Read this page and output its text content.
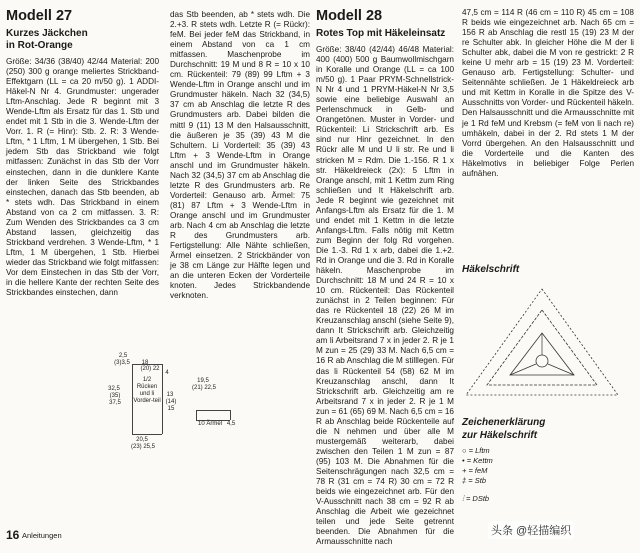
Modell 27
Kurzes Jäckchen
in Rot-Orange

Größe: 34/36 (38/40) 42/44 Material: 200 (250) 300 g orange meliertes Strickband-Effektgarn (LL = ca 20 m/50 g). 1 ADDI-Häkel-N Nr 4. Grundmuster: ungerader Lftm-Anschlag. Jede R beginnt mit 3 Wende-Lftm als Ersatz für das 1. Stb und endet mit 1 Stb in die 3. Wende-Lftm der Vorr. 1. R (= Hinr): Stb. 2. R: 3 Wende-Lftm, * 1 Lftm, 1 M übergehen, 1 Stb. Bei jedem Stb das Strickband wie folgt mitfassen: Zunächst in das Stb der Vorr einstechen, dann in die dunklere Kante der linken Seite des Strickbandes einstechen, danach das Stb beenden, ab * stets wdh. Das Strickband in einem Abstand von ca 2 cm mitfassen. 3. R: Zum Wenden des Strickbandes ca 3 cm Abstand lassen, gleichzeitig das Strickband verdrehen. 3 Wende-Lftm, * 1 Lftm, 1 M übergehen, 1 Stb. Hierbei wieder das Strickband wie folgt mitfassen: Vor dem Einstechen in das Stb der Vorr, in die hellere Kante der rechten Seite des Strickbandes einstechen, dann

das Stb beenden, ab * stets wdh. Die 2.+3. R stets wdh. Letzte R (= Rückr): feM. Bei jeder feM das Strickband, in einem Abstand von ca 1 cm mitfassen. Maschenprobe im Durchschnitt: 19 M und 8 R = 10 x 10 cm. Rückenteil: 79 (89) 99 Lftm + 3 Wende-Lftm in Orange anschl und im Grundmuster häkeln. Nach 32 (34,5) 37 cm ab Anschlag die letzte R des Grundmusters arb. Dabei bilden die mittl 9 (11) 13 M den Halsausschnitt, die äußeren je 35 (39) 43 M die Schultern. Li Vorderteil: 35 (39) 43 Lftm + 3 Wende-Lftm in Orange anschl und im Grundmuster häkeln. Nach 32 (34,5) 37 cm ab Anschlag die letzte R des Grundmusters arb. Re Vorderteil: Genauso arb. Ärmel: 75 (81) 87 Lftm + 3 Wende-Lftm in Orange anschl und im Grundmuster arb. Nach 4 cm ab Anschlag die letzte R des Grundmusters arb. Fertigstellung: Alle Nähte schließen, Ärmel einsetzen. 2 Strickbänder von je 38 cm Länge zur Hälfte legen und an die unteren Ecken der Vorderteile knoten. Jedes Strickbandende verknoten.

Modell 28
Rotes Top mit Häkeleinsatz

Größe: 38/40 (42/44) 46/48 Material: 400 (400) 500 g Baumwollmischgarn in Koralle und Orange (LL = ca 100 m/50 g). 1 Paar PRYM-Schnellstrick-N Nr 4 und 1 PRYM-Häkel-N Nr 3,5 sowie eine beliebige Auswahl an Perlenschmuck in Gelb- und Orangetönen. Muster in Vorder- und Rückenteil: Li Strickschrift arb. Es sind nur Hinr gezeichnet. In den Rückr alle M und U li str. Re und li stricken M = Rdm. Die 1.-156. R 1 x str. Häkeldreieck (2x): 5 Lftm in Orange anschl, mit 1 Kettm zum Ring schließen und It Häkelschrift arb. Jede R beginnt wie gezeichnet mit Anfangs-Lftm als Ersatz für die 1. M und endet mit 1 Kettm in die letzte Anfangs-Lftm. Falls nötig mit Kettm zum Beginn der folg Rd vorgehen. Die 1.-3. Rd 1 x arb, dabei die 1.+2. Rd in Orange und die 3. Rd in Koralle häkeln. Maschenprobe im Durchschnitt: 18 M und 24 R = 10 x 10 cm. Rückenteil: Das Rückenteil zunächst in 2 Teilen beginnen: Für das re Rückenteil 18 (22) 26 M im Kreuzanschlag anschl (siehe Seite 9), dann It Strickschrift arb. Gleichzeitig am li Arbeitsrand 7 x in jeder 2. R je 1 M zun = 25 (29) 33 M. Nach 6,5 cm = 16 R ab Anschlag die M stilllegen. Für das li Rückenteil 54 (58) 62 M im Kreuzanschlag anschl, dann It Strickschrift arb. Gleichzeitig am re Arbeitsrand 7 x in jeder 2. R je 1 M zun = 61 (65) 69 M. Nach 6,5 cm = 16 R ab Anschlag beide Rückenteile auf die N nehmen und über alle M mustergemäß weiterarb, dabei zwischen den Teilen 1 M zun = 87 (95) 103 M. Die Abnahmen für die Seitenschrägungen nach 32,5 cm = 78 R (31 cm = 74 R) 30 cm = 72 R beids wie eingezeichnet arb. Für den V-Ausschnitt nach 38 cm = 92 R ab Anschlag die Arbeit wie gezeichnet teilen und jede Seite getrennt beenden. Die Abnahmen für die Armausschnitte nach

47,5 cm = 114 R (46 cm = 110 R) 45 cm = 108 R beids wie eingezeichnet arb. Nach 65 cm = 156 R ab Anschlag die restl 15 (19) 23 M der re Schulter abk. In gleicher Höhe die M der li Schulter abk, dabei die M von re gestrickt: 2 R keine U mehr arb = 15 (19) 23 M. Vorderteil: Genauso arb. Fertigstellung: Schulter- und Seitennähte schließen. Je 1 Häkeldreieck arb und mit Kettm in Koralle in die Spitze des V-Ausschnitts von Vorder- und Rückenteil häkeln. Den Halsausschnitt und die Armausschnitte mit je 1 Rd feM und Krebsm (= feM von li nach re) umhäkeln, dabei in der 2. Rd stets 1 M der Vorrd übergehen. An den Halsausschnitt und die Vorderteile und die Kanten des Häkelmotivs in beliebiger Folge Perlen aufnähen.

1/2 Rücken und li Vorder-teil
2,5
(3)3,5	18
(20) 22
32,5
(35) 37,5
20,5
(23) 25,5
4
19,5
(21) 22,5
13
(14) 15
4,5
10 Ärmel
Häkelschrift
Zeichenerklärung
zur Häkelschrift
○ = Lftm
• = Kettm
+ = feM
‡ = Stb
⫶ = DStb
16 Anleitungen	头条 @轻描编织
